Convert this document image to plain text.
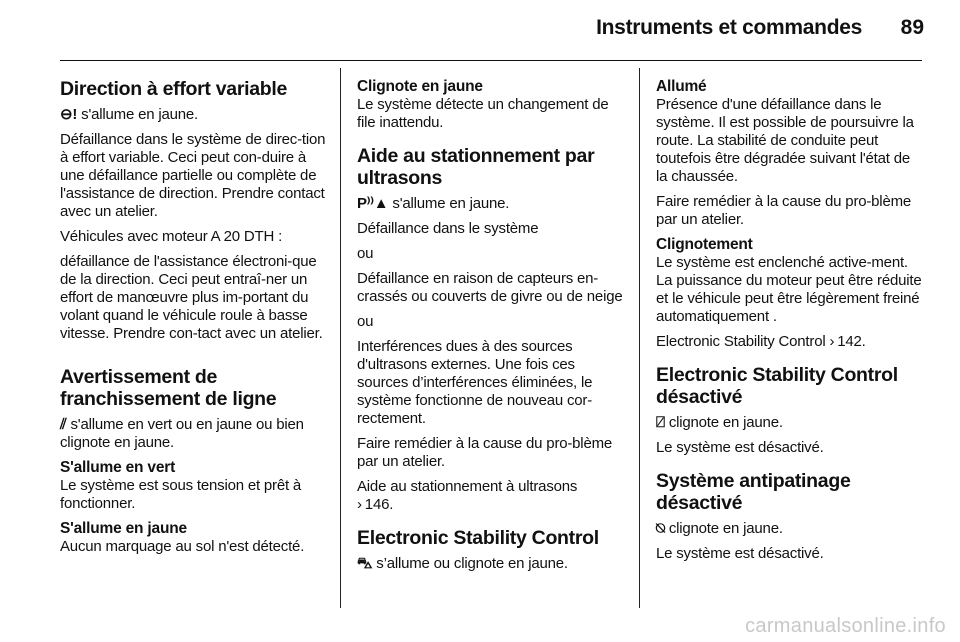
Instruments et commandes 89
Direction à effort variable

⊖! s'allume en jaune.

Défaillance dans le système de direc-tion à effort variable. Ceci peut con-duire à une défaillance partielle ou complète de l'assistance de direction. Prendre contact avec un atelier.

Véhicules avec moteur A 20 DTH :

défaillance de l'assistance électroni-que de la direction. Ceci peut entraî-ner un effort de manœuvre plus im-portant du volant quand le véhicule roule à basse vitesse. Prendre con-tact avec un atelier.

Avertissement de franchissement de ligne

⫽ s'allume en vert ou en jaune ou bien clignote en jaune.

S'allume en vert

Le système est sous tension et prêt à fonctionner.

S'allume en jaune

Aucun marquage au sol n'est détecté.

Clignote en jaune

Le système détecte un changement de file inattendu.

Aide au stationnement par ultrasons

P⁾⁾▲ s'allume en jaune.

Défaillance dans le système

ou

Défaillance en raison de capteurs en-crassés ou couverts de givre ou de neige

ou

Interférences dues à des sources d'ultrasons externes. Une fois ces sources d’interférences éliminées, le système fonctionne de nouveau cor-rectement.

Faire remédier à la cause du pro-blème par un atelier.

Aide au stationnement à ultrasons
› 146.

Electronic Stability Control

⛍ s’allume ou clignote en jaune.

Allumé

Présence d'une défaillance dans le système. Il est possible de poursuivre la route. La stabilité de conduite peut toutefois être dégradée suivant l'état de la chaussée.

Faire remédier à la cause du pro-blème par un atelier.

Clignotement

Le système est enclenché active-ment. La puissance du moteur peut être réduite et le véhicule peut être légèrement freiné automatiquement .

Electronic Stability Control › 142.

Electronic Stability Control désactivé

⍁ clignote en jaune.

Le système est désactivé.

Système antipatinage désactivé

⍉ clignote en jaune.

Le système est désactivé.

carmanualsonline.info
